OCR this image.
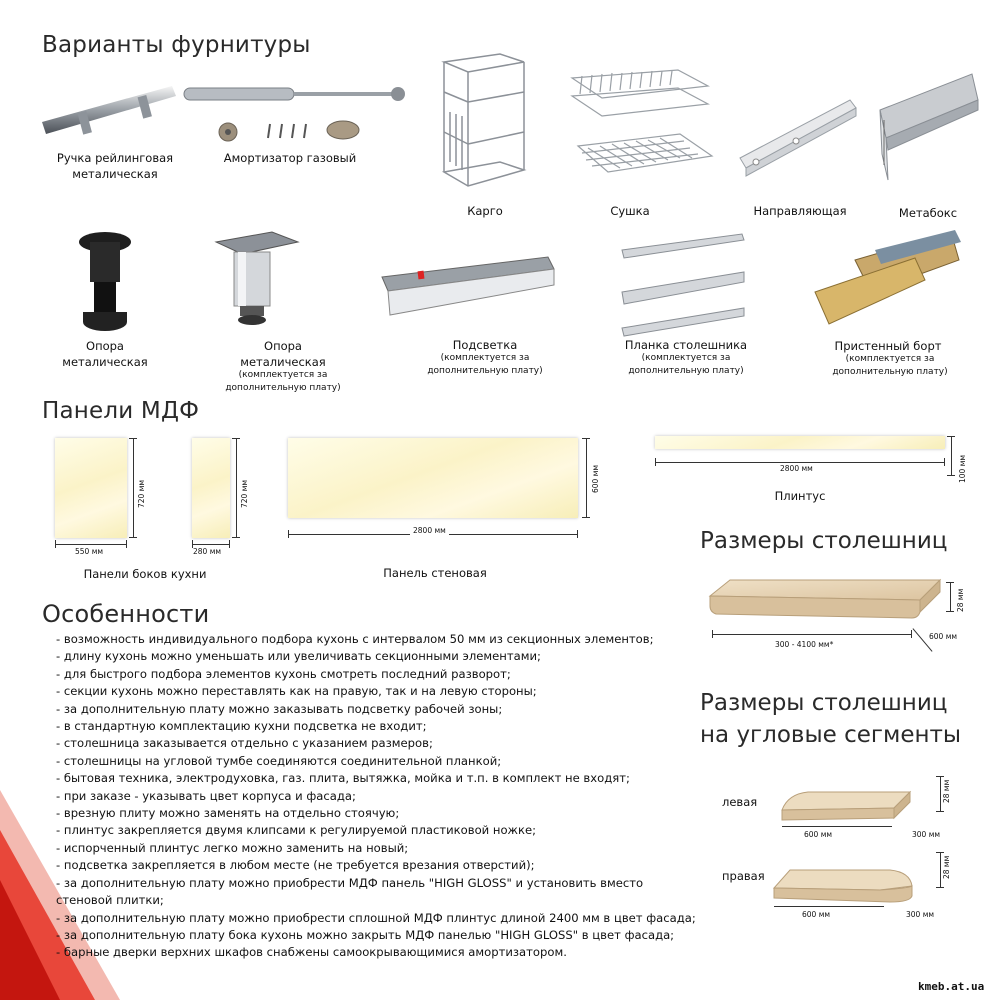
Варианты фурнитуры
Ручка рейлинговая металическая
Амортизатор газовый
Карго	Сушка	Направляющая	Метабокс
Опора металическая
Опора металическая
(комплектуется за дополнительную плату)
Подсветка
(комплектуется за дополнительную плату)
Планка столешника
(комплектуется за дополнительную плату)
Пристенный борт
(комплектуется за дополнительную плату)
Панели МДФ
720 мм
550 мм
720 мм
280 мм
Панели боков кухни
600 мм
2800 мм
Панель стеновая
100 мм
2800 мм
Плинтус
Особенности
- возможность индивидуального подбора кухонь с интервалом 50 мм из секционных элементов;
- длину кухонь можно уменьшать или увеличивать секционными элементами;
- для быстрого подбора элементов кухонь смотреть последний разворот;
- секции кухонь можно переставлять как на правую, так и на левую стороны;
- за дополнительную плату можно заказывать подсветку рабочей зоны;
- в стандартную комплектацию кухни подсветка не входит;
- столешница заказывается отдельно с указанием размеров;
- столешницы на угловой тумбе соединяются соединительной планкой;
- бытовая техника, электродуховка, газ. плита, вытяжка, мойка и т.п. в комплект не входят;
- при заказе - указывать цвет корпуса и фасада;
- врезную плиту можно заменять на отдельно стоячую;
- плинтус закрепляется двумя клипсами к регулируемой пластиковой ножке;
- испорченный плинтус легко можно заменить на новый;
- подсветка закрепляется в любом месте (не требуется врезания отверстий);
- за дополнительную плату можно приобрести МДФ панель "HIGH GLOSS" и установить вместо
стеновой плитки;
- за дополнительную плату можно приобрести сплошной МДФ плинтус длиной 2400 мм в цвет фасада;
- за дополнительную плату бока кухонь можно закрыть МДФ панелью "HIGH GLOSS" в цвет фасада;
- барные дверки верхних шкафов снабжены самоокрывающимися амортизатором.
Размеры столешниц
28 мм
600 мм
300 - 4100 мм*
Размеры столешниц
на угловые сегменты
левая	28 мм
600 мм	300 мм
правая	28 мм
600 мм	300 мм
kmeb.at.ua
